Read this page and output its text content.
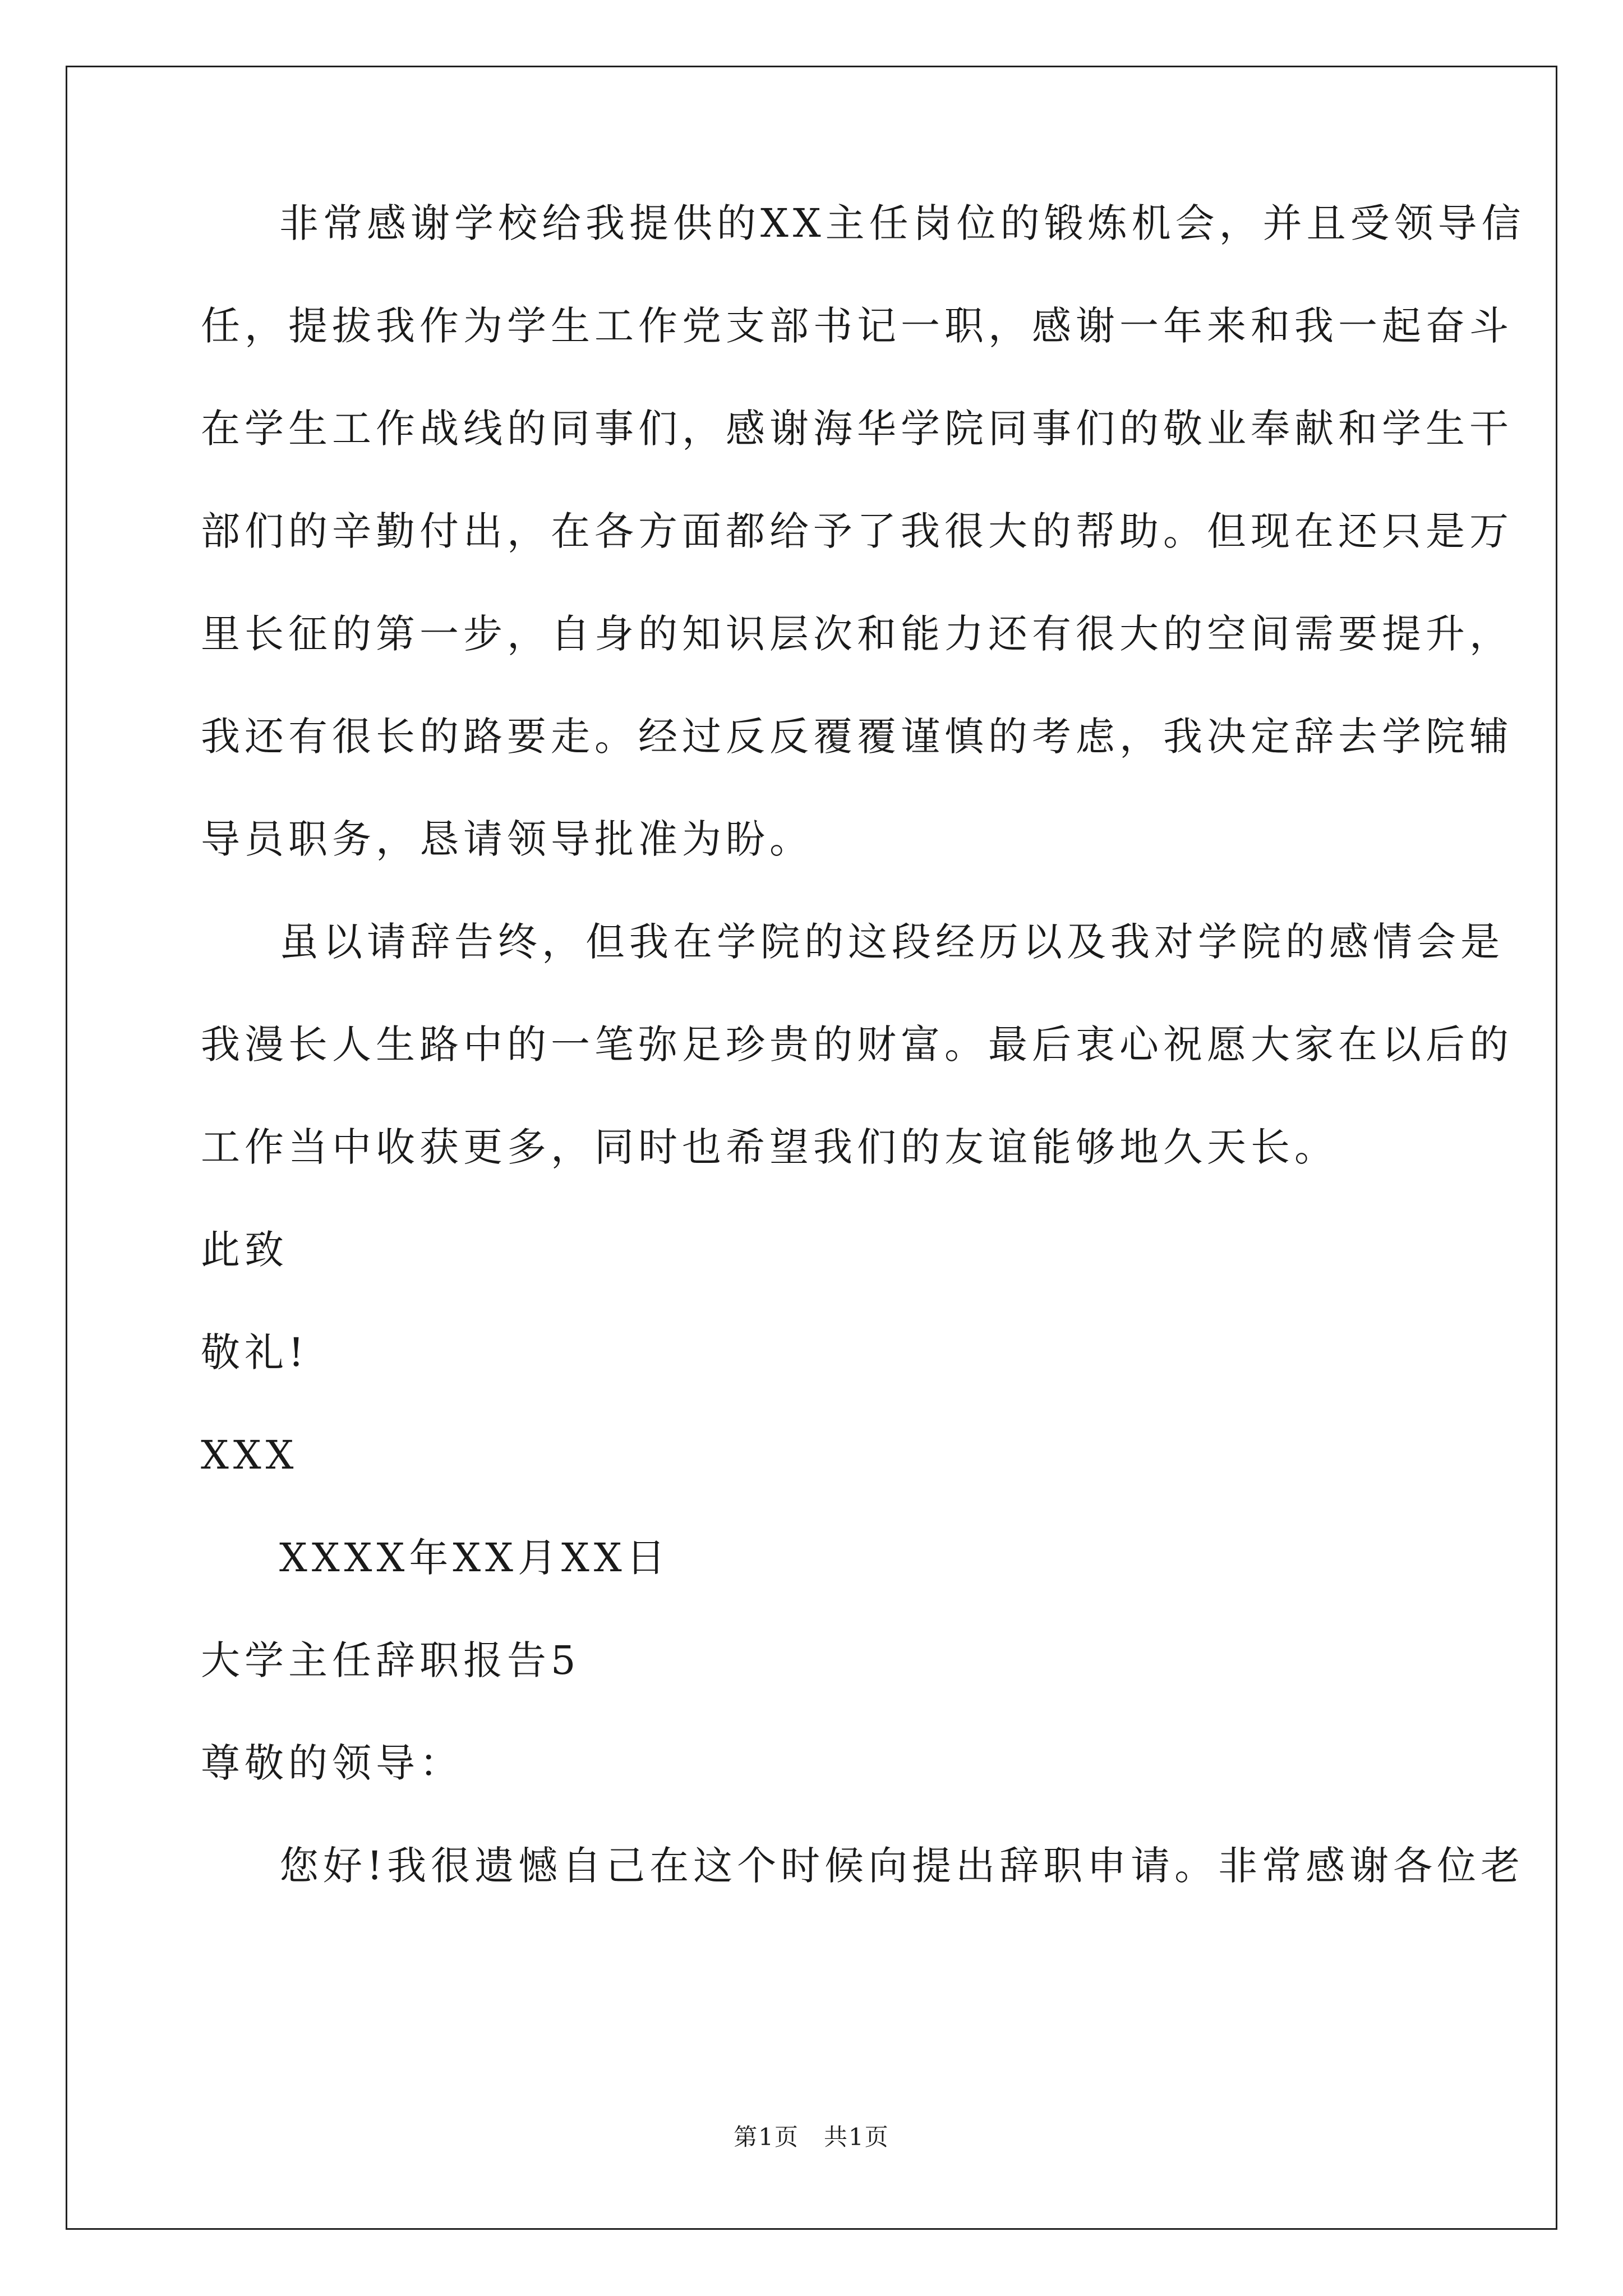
非常感谢学校给我提供的XX主任岗位的锻炼机会，并且受领导信
任，提拔我作为学生工作党支部书记一职，感谢一年来和我一起奋斗
在学生工作战线的同事们，感谢海华学院同事们的敬业奉献和学生干
部们的辛勤付出，在各方面都给予了我很大的帮助。但现在还只是万
里长征的第一步，自身的知识层次和能力还有很大的空间需要提升，
我还有很长的路要走。经过反反覆覆谨慎的考虑，我决定辞去学院辅
导员职务，恳请领导批准为盼。
虽以请辞告终，但我在学院的这段经历以及我对学院的感情会是
我漫长人生路中的一笔弥足珍贵的财富。最后衷心祝愿大家在以后的
工作当中收获更多，同时也希望我们的友谊能够地久天长。
此致
敬礼!
XXX
XXXX年XX月XX日
大学主任辞职报告5
尊敬的领导：
您好!我很遗憾自己在这个时候向提出辞职申请。非常感谢各位老
第1页　共1页
